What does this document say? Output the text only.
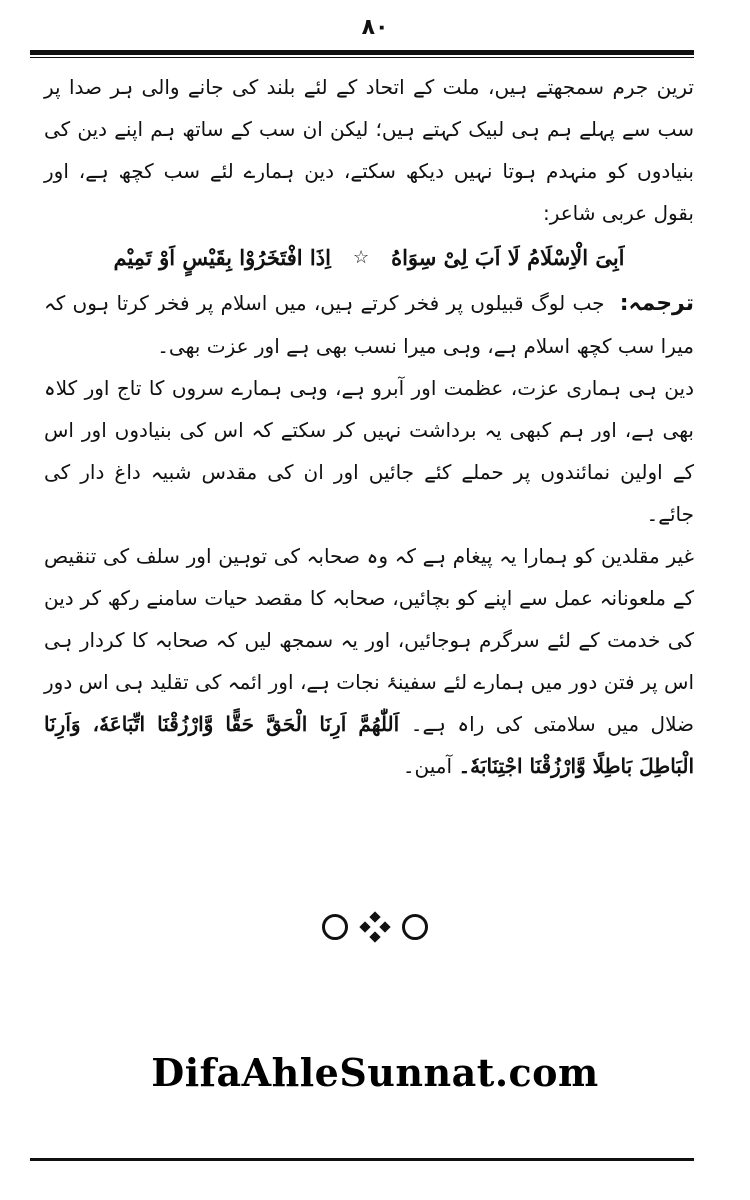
۸۰

ترین جرم سمجھتے ہیں، ملت کے اتحاد کے لئے بلند کی جانے والی ہر صدا پر سب سے پہلے ہم ہی لبیک کہتے ہیں؛ لیکن ان سب کے ساتھ ہم اپنے دین کی بنیادوں کو منہدم ہوتا نہیں دیکھ سکتے، دین ہمارے لئے سب کچھ ہے، اور بقول عربی شاعر:

اَبِیَ الْاِسْلَامُ لَا اَبَ لِیْ سِوَاهُ
☆
اِذَا افْتَخَرُوْا بِقَیْسٍ اَوْ تَمِیْم

ترجمہ: جب لوگ قبیلوں پر فخر کرتے ہیں، میں اسلام پر فخر کرتا ہوں کہ میرا سب کچھ اسلام ہے، وہی میرا نسب بھی ہے اور عزت بھی۔

دین ہی ہماری عزت، عظمت اور آبرو ہے، وہی ہمارے سروں کا تاج اور کلاہ بھی ہے، اور ہم کبھی یہ برداشت نہیں کر سکتے کہ اس کی بنیادوں اور اس کے اولین نمائندوں پر حملے کئے جائیں اور ان کی مقدس شبیہ داغ دار کی جائے۔

غیر مقلدین کو ہمارا یہ پیغام ہے کہ وہ صحابہ کی توہین اور سلف کی تنقیص کے ملعونانہ عمل سے اپنے کو بچائیں، صحابہ کا مقصد حیات سامنے رکھ کر دین کی خدمت کے لئے سرگرم ہوجائیں، اور یہ سمجھ لیں کہ صحابہ کا کردار ہی اس پر فتن دور میں ہمارے لئے سفینۂ نجات ہے، اور ائمہ کی تقلید ہی اس دور ضلال میں سلامتی کی راہ ہے۔ اَللّٰهُمَّ اَرِنَا الْحَقَّ حَقًّا وَّارْزُقْنَا اتِّبَاعَهٗ، وَاَرِنَا الْبَاطِلَ بَاطِلًا وَّارْزُقْنَا اجْتِنَابَهٗ۔ آمین۔

DifaAhleSunnat.com
